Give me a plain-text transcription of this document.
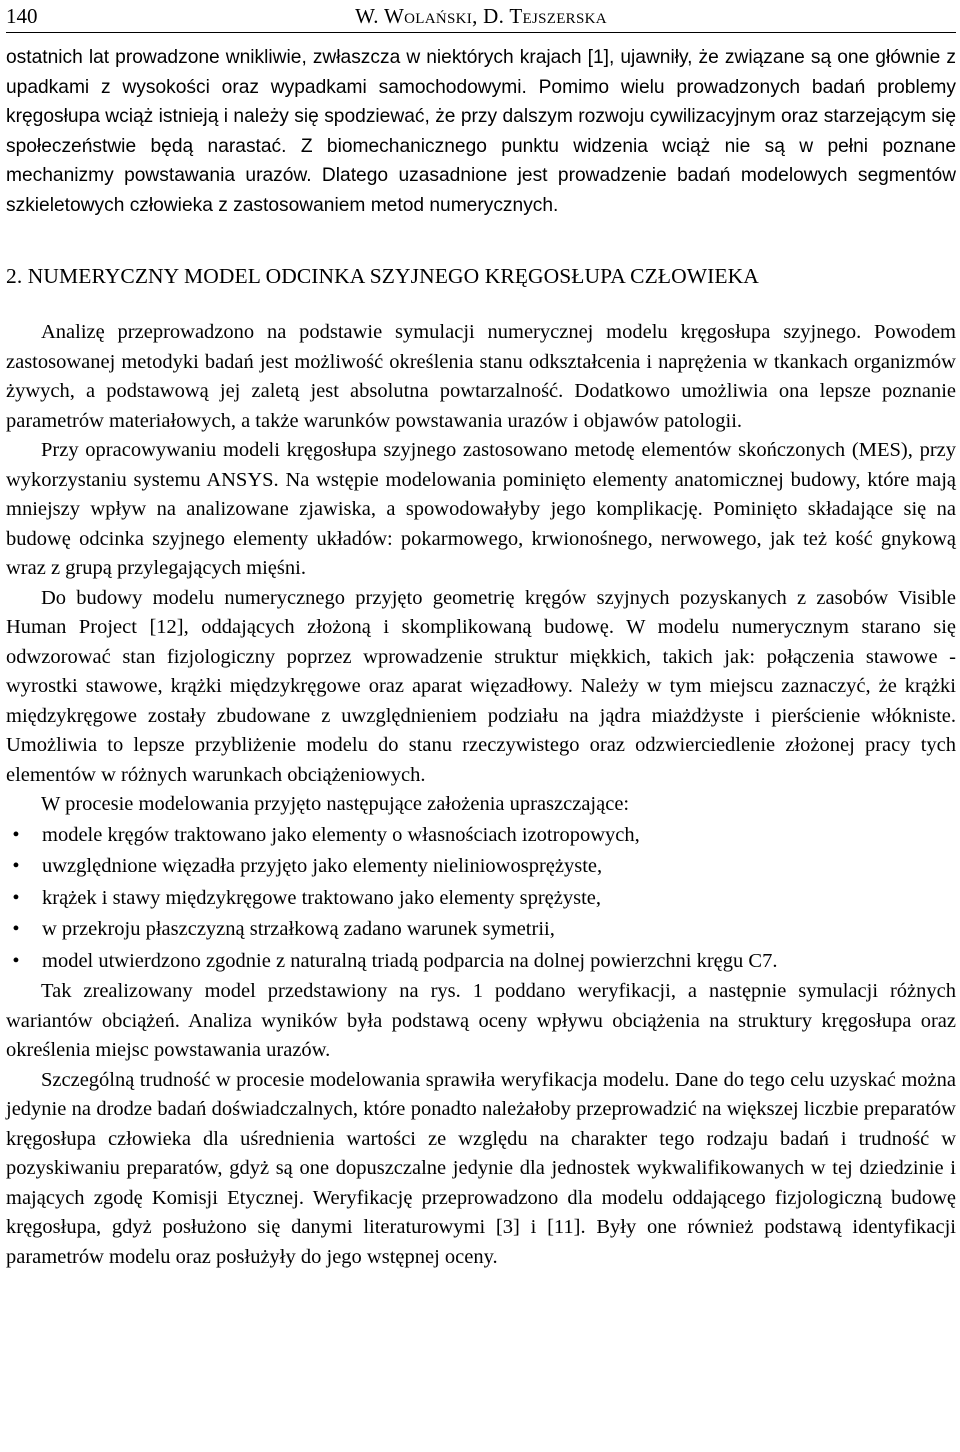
140	W. Wolański, D. Tejszerska

ostatnich lat prowadzone wnikliwie, zwłaszcza w niektórych krajach [1], ujawniły, że związane są one głównie z upadkami z wysokości oraz wypadkami samochodowymi. Pomimo wielu prowadzonych badań problemy kręgosłupa wciąż istnieją i należy się spodziewać, że przy dalszym rozwoju cywilizacyjnym oraz starzejącym się społeczeństwie będą narastać. Z biomechanicznego punktu widzenia wciąż nie są w pełni poznane mechanizmy powstawania urazów. Dlatego uzasadnione jest prowadzenie badań modelowych segmentów szkieletowych człowieka z zastosowaniem metod numerycznych.

2. NUMERYCZNY MODEL ODCINKA SZYJNEGO KRĘGOSŁUPA CZŁOWIEKA

Analizę przeprowadzono na podstawie symulacji numerycznej modelu kręgosłupa szyjnego. Powodem zastosowanej metodyki badań jest możliwość określenia stanu odkształcenia i naprężenia w tkankach organizmów żywych, a podstawową jej zaletą jest absolutna powtarzalność. Dodatkowo umożliwia ona lepsze poznanie parametrów materiałowych, a także warunków powstawania urazów i objawów patologii.

Przy opracowywaniu modeli kręgosłupa szyjnego zastosowano metodę elementów skończonych (MES), przy wykorzystaniu systemu ANSYS. Na wstępie modelowania pominięto elementy anatomicznej budowy, które mają mniejszy wpływ na analizowane zjawiska, a spowodowałyby jego komplikację. Pominięto składające się na budowę odcinka szyjnego elementy układów: pokarmowego, krwionośnego, nerwowego, jak też kość gnykową wraz z grupą przylegających mięśni.

Do budowy modelu numerycznego przyjęto geometrię kręgów szyjnych pozyskanych z zasobów Visible Human Project [12], oddających złożoną i skomplikowaną budowę. W modelu numerycznym starano się odwzorować stan fizjologiczny poprzez wprowadzenie struktur miękkich, takich jak: połączenia stawowe - wyrostki stawowe, krążki międzykręgowe oraz aparat więzadłowy. Należy w tym miejscu zaznaczyć, że krążki międzykręgowe zostały zbudowane z uwzględnieniem podziału na jądra miażdżyste i pierścienie włókniste. Umożliwia to lepsze przybliżenie modelu do stanu rzeczywistego oraz odzwierciedlenie złożonej pracy tych elementów w różnych warunkach obciążeniowych.

W procesie modelowania przyjęto następujące założenia upraszczające:

•	modele kręgów traktowano jako elementy o własnościach izotropowych,
•	uwzględnione więzadła przyjęto jako elementy nieliniowosprężyste,
•	krążek i stawy międzykręgowe traktowano jako elementy sprężyste,
•	w przekroju płaszczyzną strzałkową zadano warunek symetrii,
•	model utwierdzono zgodnie z naturalną triadą podparcia na dolnej powierzchni kręgu C7.

Tak zrealizowany model przedstawiony na rys. 1 poddano weryfikacji, a następnie symulacji różnych wariantów obciążeń. Analiza wyników była podstawą oceny wpływu obciążenia na struktury kręgosłupa oraz określenia miejsc powstawania urazów.

Szczególną trudność w procesie modelowania sprawiła weryfikacja modelu. Dane do tego celu uzyskać można jedynie na drodze badań doświadczalnych, które ponadto należałoby przeprowadzić na większej liczbie preparatów kręgosłupa człowieka dla uśrednienia wartości ze względu na charakter tego rodzaju badań i trudność w pozyskiwaniu preparatów, gdyż są one dopuszczalne jedynie dla jednostek wykwalifikowanych w tej dziedzinie i mających zgodę Komisji Etycznej. Weryfikację przeprowadzono dla modelu oddającego fizjologiczną budowę kręgosłupa, gdyż posłużono się danymi literaturowymi [3] i [11]. Były one również podstawą identyfikacji parametrów modelu oraz posłużyły do jego wstępnej oceny.
